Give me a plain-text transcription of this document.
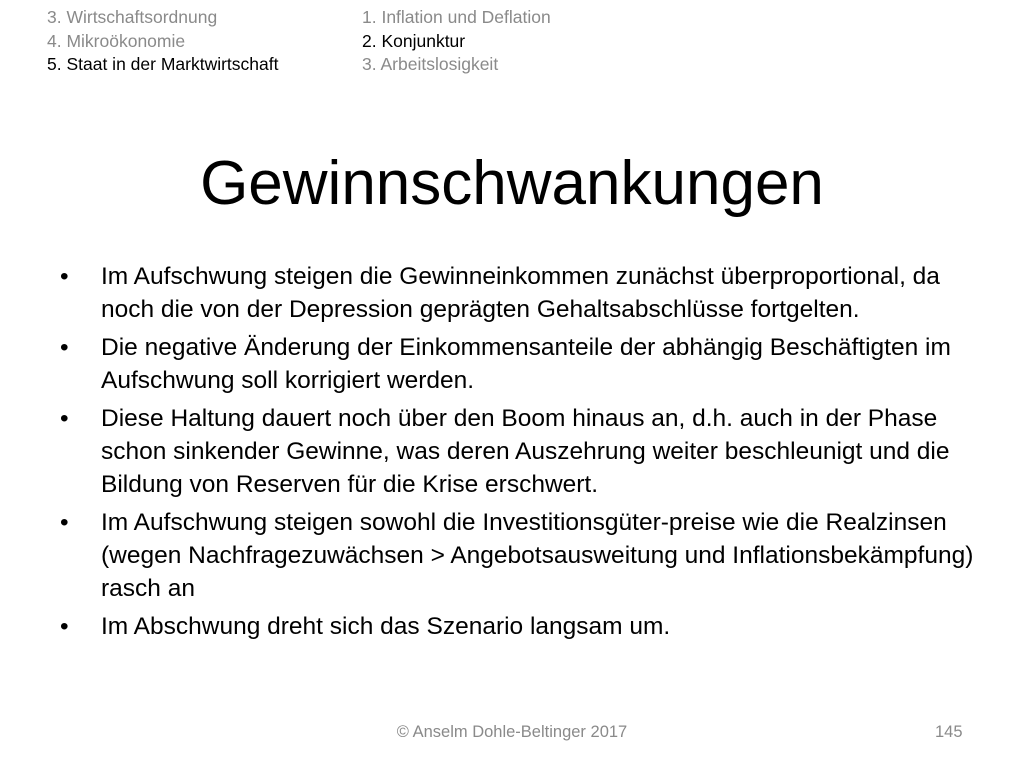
3. Wirtschaftsordnung
4. Mikroökonomie
5. Staat in der Marktwirtschaft
1. Inflation und Deflation
2. Konjunktur
3. Arbeitslosigkeit
Gewinnschwankungen
• Im Aufschwung steigen die Gewinneinkommen zunächst überproportional, da noch die von der Depression geprägten Gehaltsabschlüsse fortgelten.
• Die negative Änderung der Einkommensanteile der abhängig Beschäftigten im Aufschwung soll korrigiert werden.
• Diese Haltung dauert noch über den Boom hinaus an, d.h. auch in der Phase schon sinkender Gewinne, was deren Auszehrung weiter beschleunigt und die Bildung von Reserven für die Krise erschwert.
• Im Aufschwung steigen sowohl die Investitionsgüter-preise wie die Realzinsen (wegen Nachfragezuwächsen > Angebotsausweitung und Inflationsbekämpfung) rasch an
• Im Abschwung dreht sich das Szenario langsam um.
© Anselm Dohle-Beltinger 2017	145
